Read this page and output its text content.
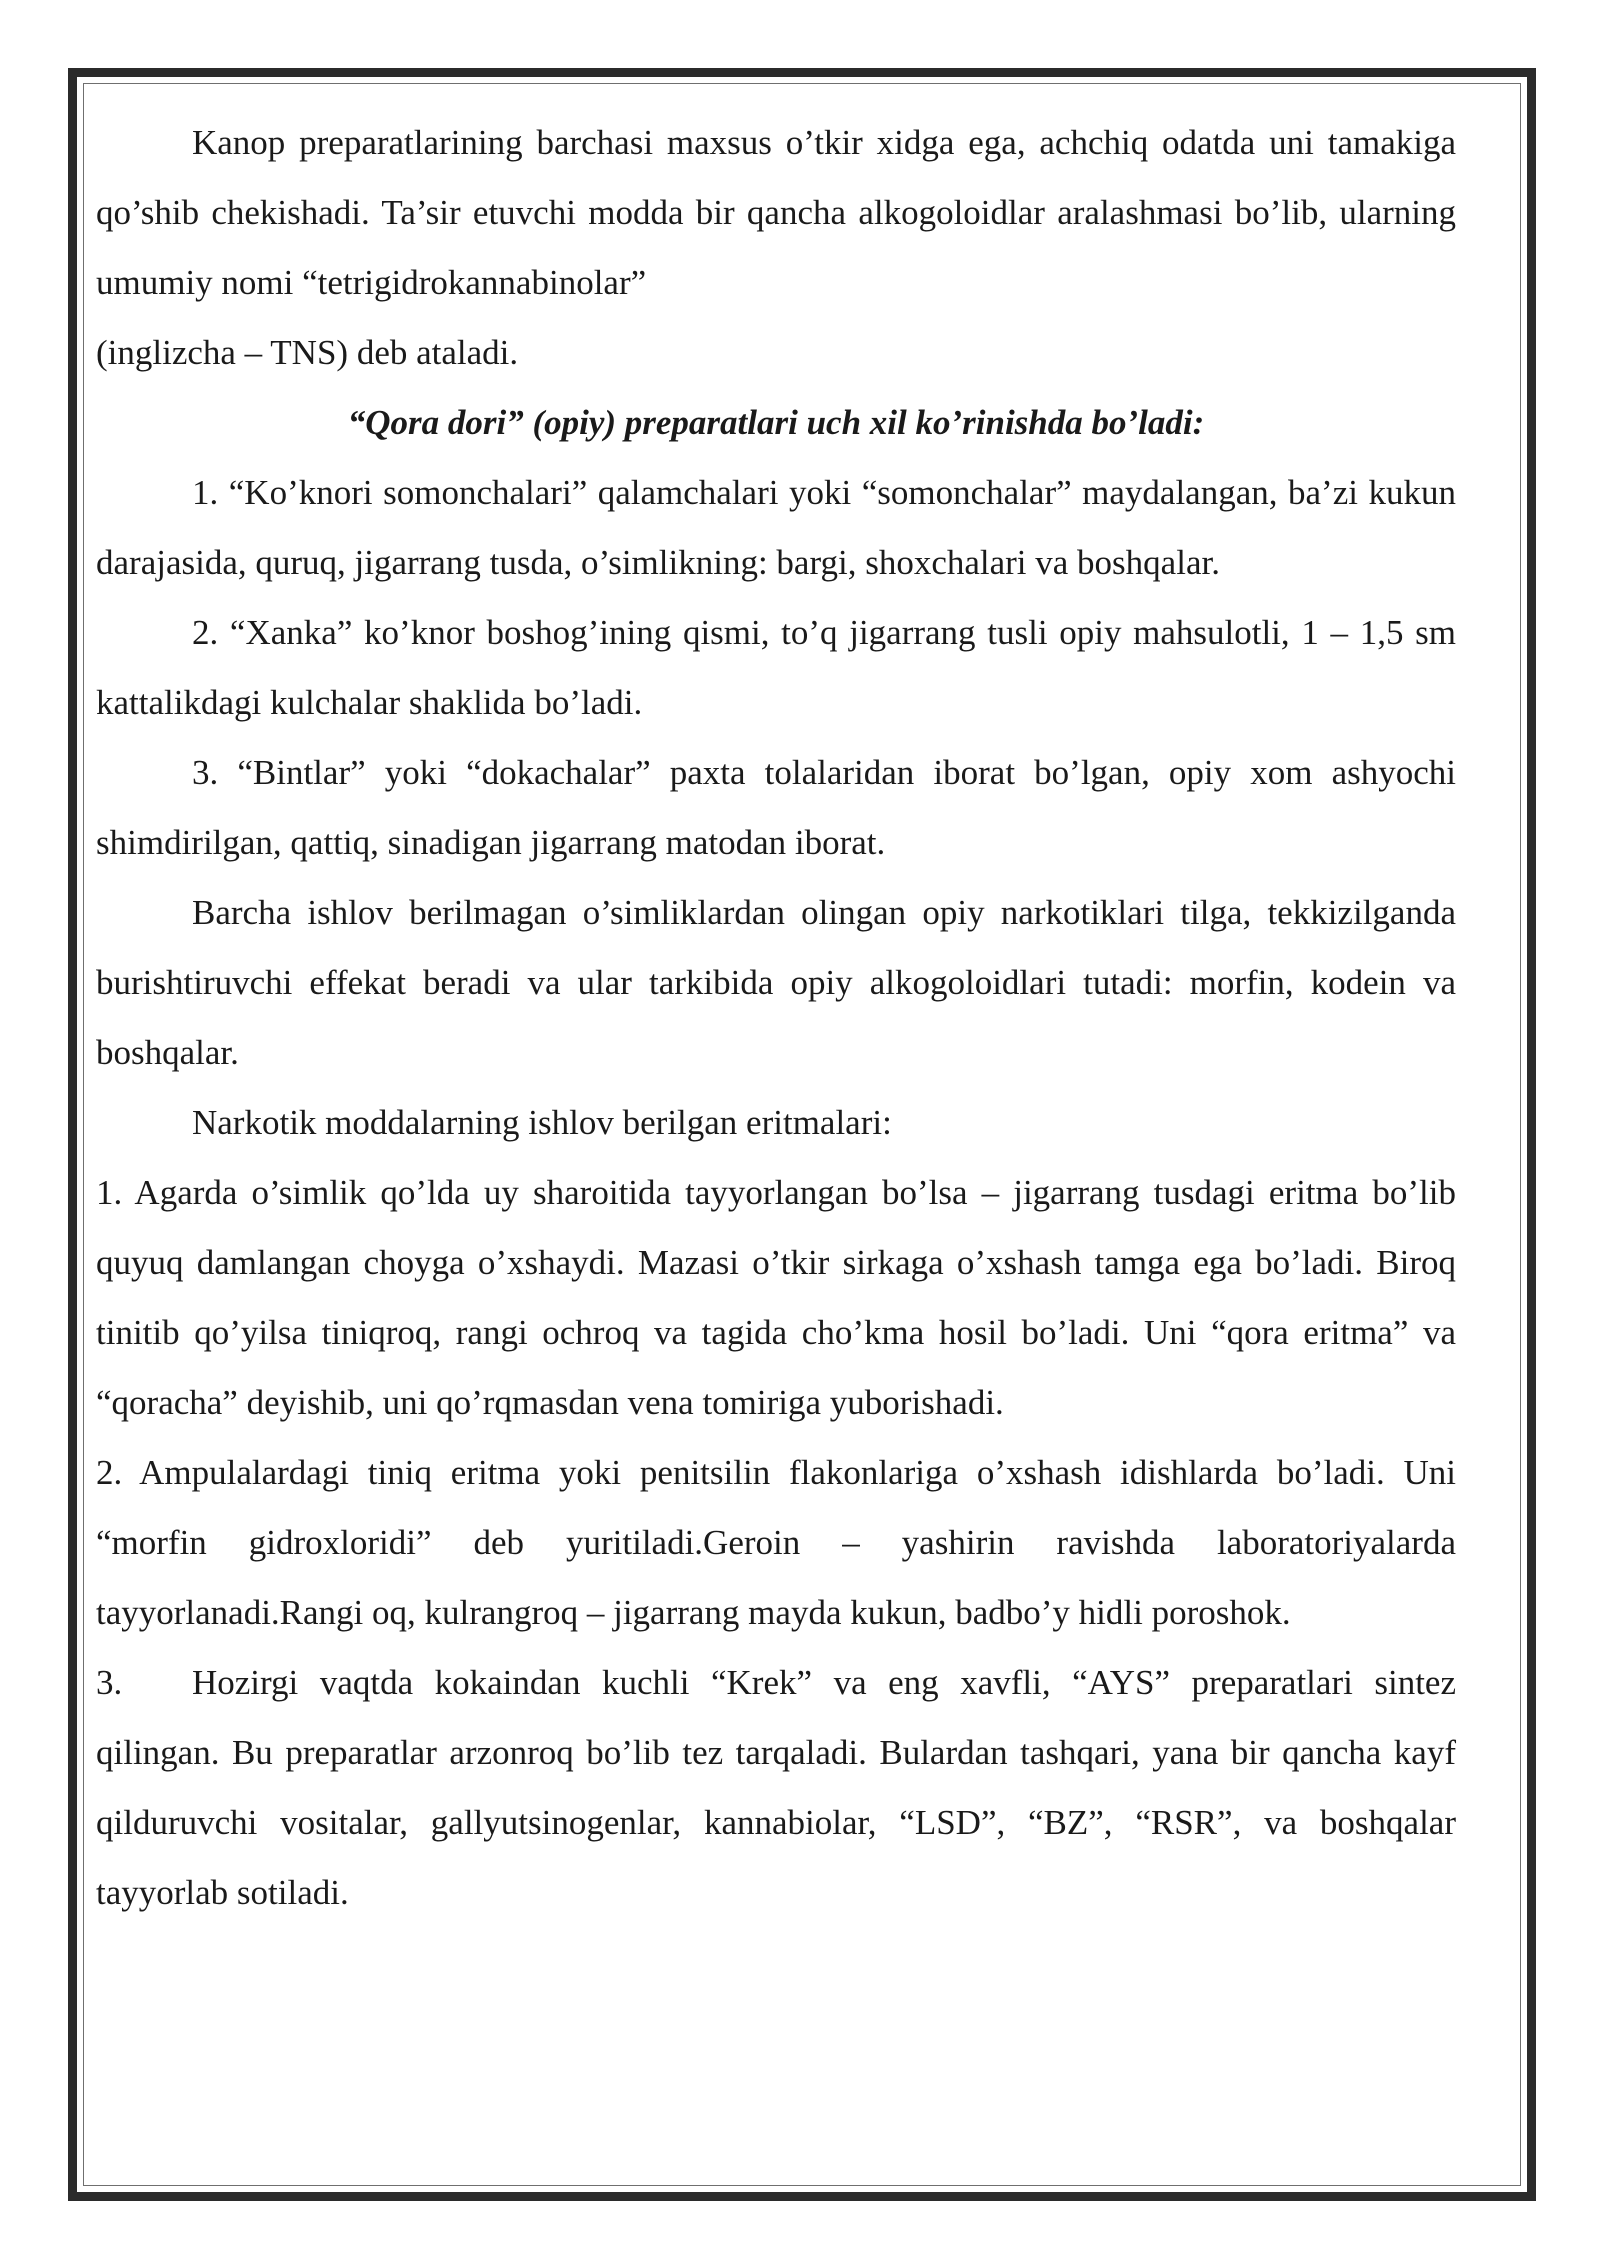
Kanop preparatlarining barchasi maxsus o’tkir xidga ega, achchiq odatda uni tamakiga qo’shib chekishadi. Ta’sir etuvchi modda bir qancha alkogoloidlar aralashmasi bo’lib, ularning umumiy nomi “tetrigidrokannabinolar”

(inglizcha – TNS) deb ataladi.

“Qora dori” (opiy) preparatlari uch xil ko’rinishda bo’ladi:

1. “Ko’knori somonchalari” qalamchalari yoki “somonchalar” maydalangan, ba’zi kukun darajasida, quruq, jigarrang tusda, o’simlikning: bargi, shoxchalari va boshqalar.

2. “Xanka” ko’knor boshog’ining qismi, to’q jigarrang tusli opiy mahsulotli, 1 – 1,5 sm kattalikdagi kulchalar shaklida bo’ladi.

3. “Bintlar” yoki “dokachalar” paxta tolalaridan iborat bo’lgan, opiy xom ashyochi shimdirilgan, qattiq, sinadigan jigarrang matodan iborat.

Barcha ishlov berilmagan o’simliklardan olingan opiy narkotiklari tilga, tekkizilganda burishtiruvchi effekat beradi va ular tarkibida opiy alkogoloidlari tutadi: morfin, kodein va boshqalar.

Narkotik moddalarning ishlov berilgan eritmalari:

1. Agarda o’simlik qo’lda uy sharoitida tayyorlangan bo’lsa – jigarrang tusdagi eritma bo’lib quyuq damlangan choyga o’xshaydi. Mazasi o’tkir sirkaga o’xshash tamga ega bo’ladi. Biroq tinitib qo’yilsa tiniqroq, rangi ochroq va tagida cho’kma hosil bo’ladi. Uni “qora eritma” va “qoracha” deyishib, uni qo’rqmasdan vena tomiriga yuborishadi.

2. Ampulalardagi tiniq eritma yoki penitsilin flakonlariga o’xshash idishlarda bo’ladi. Uni “morfin gidroxloridi” deb yuritiladi.Geroin – yashirin ravishda laboratoriyalarda tayyorlanadi.Rangi oq, kulrangroq – jigarrang mayda kukun, badbo’y hidli poroshok.

3. Hozirgi vaqtda kokaindan kuchli “Krek” va eng xavfli, “AYS” preparatlari sintez qilingan. Bu preparatlar arzonroq bo’lib tez tarqaladi. Bulardan tashqari, yana bir qancha kayf qilduruvchi vositalar, gallyutsinogenlar, kannabiolar, “LSD”, “BZ”, “RSR”, va boshqalar tayyorlab sotiladi.
